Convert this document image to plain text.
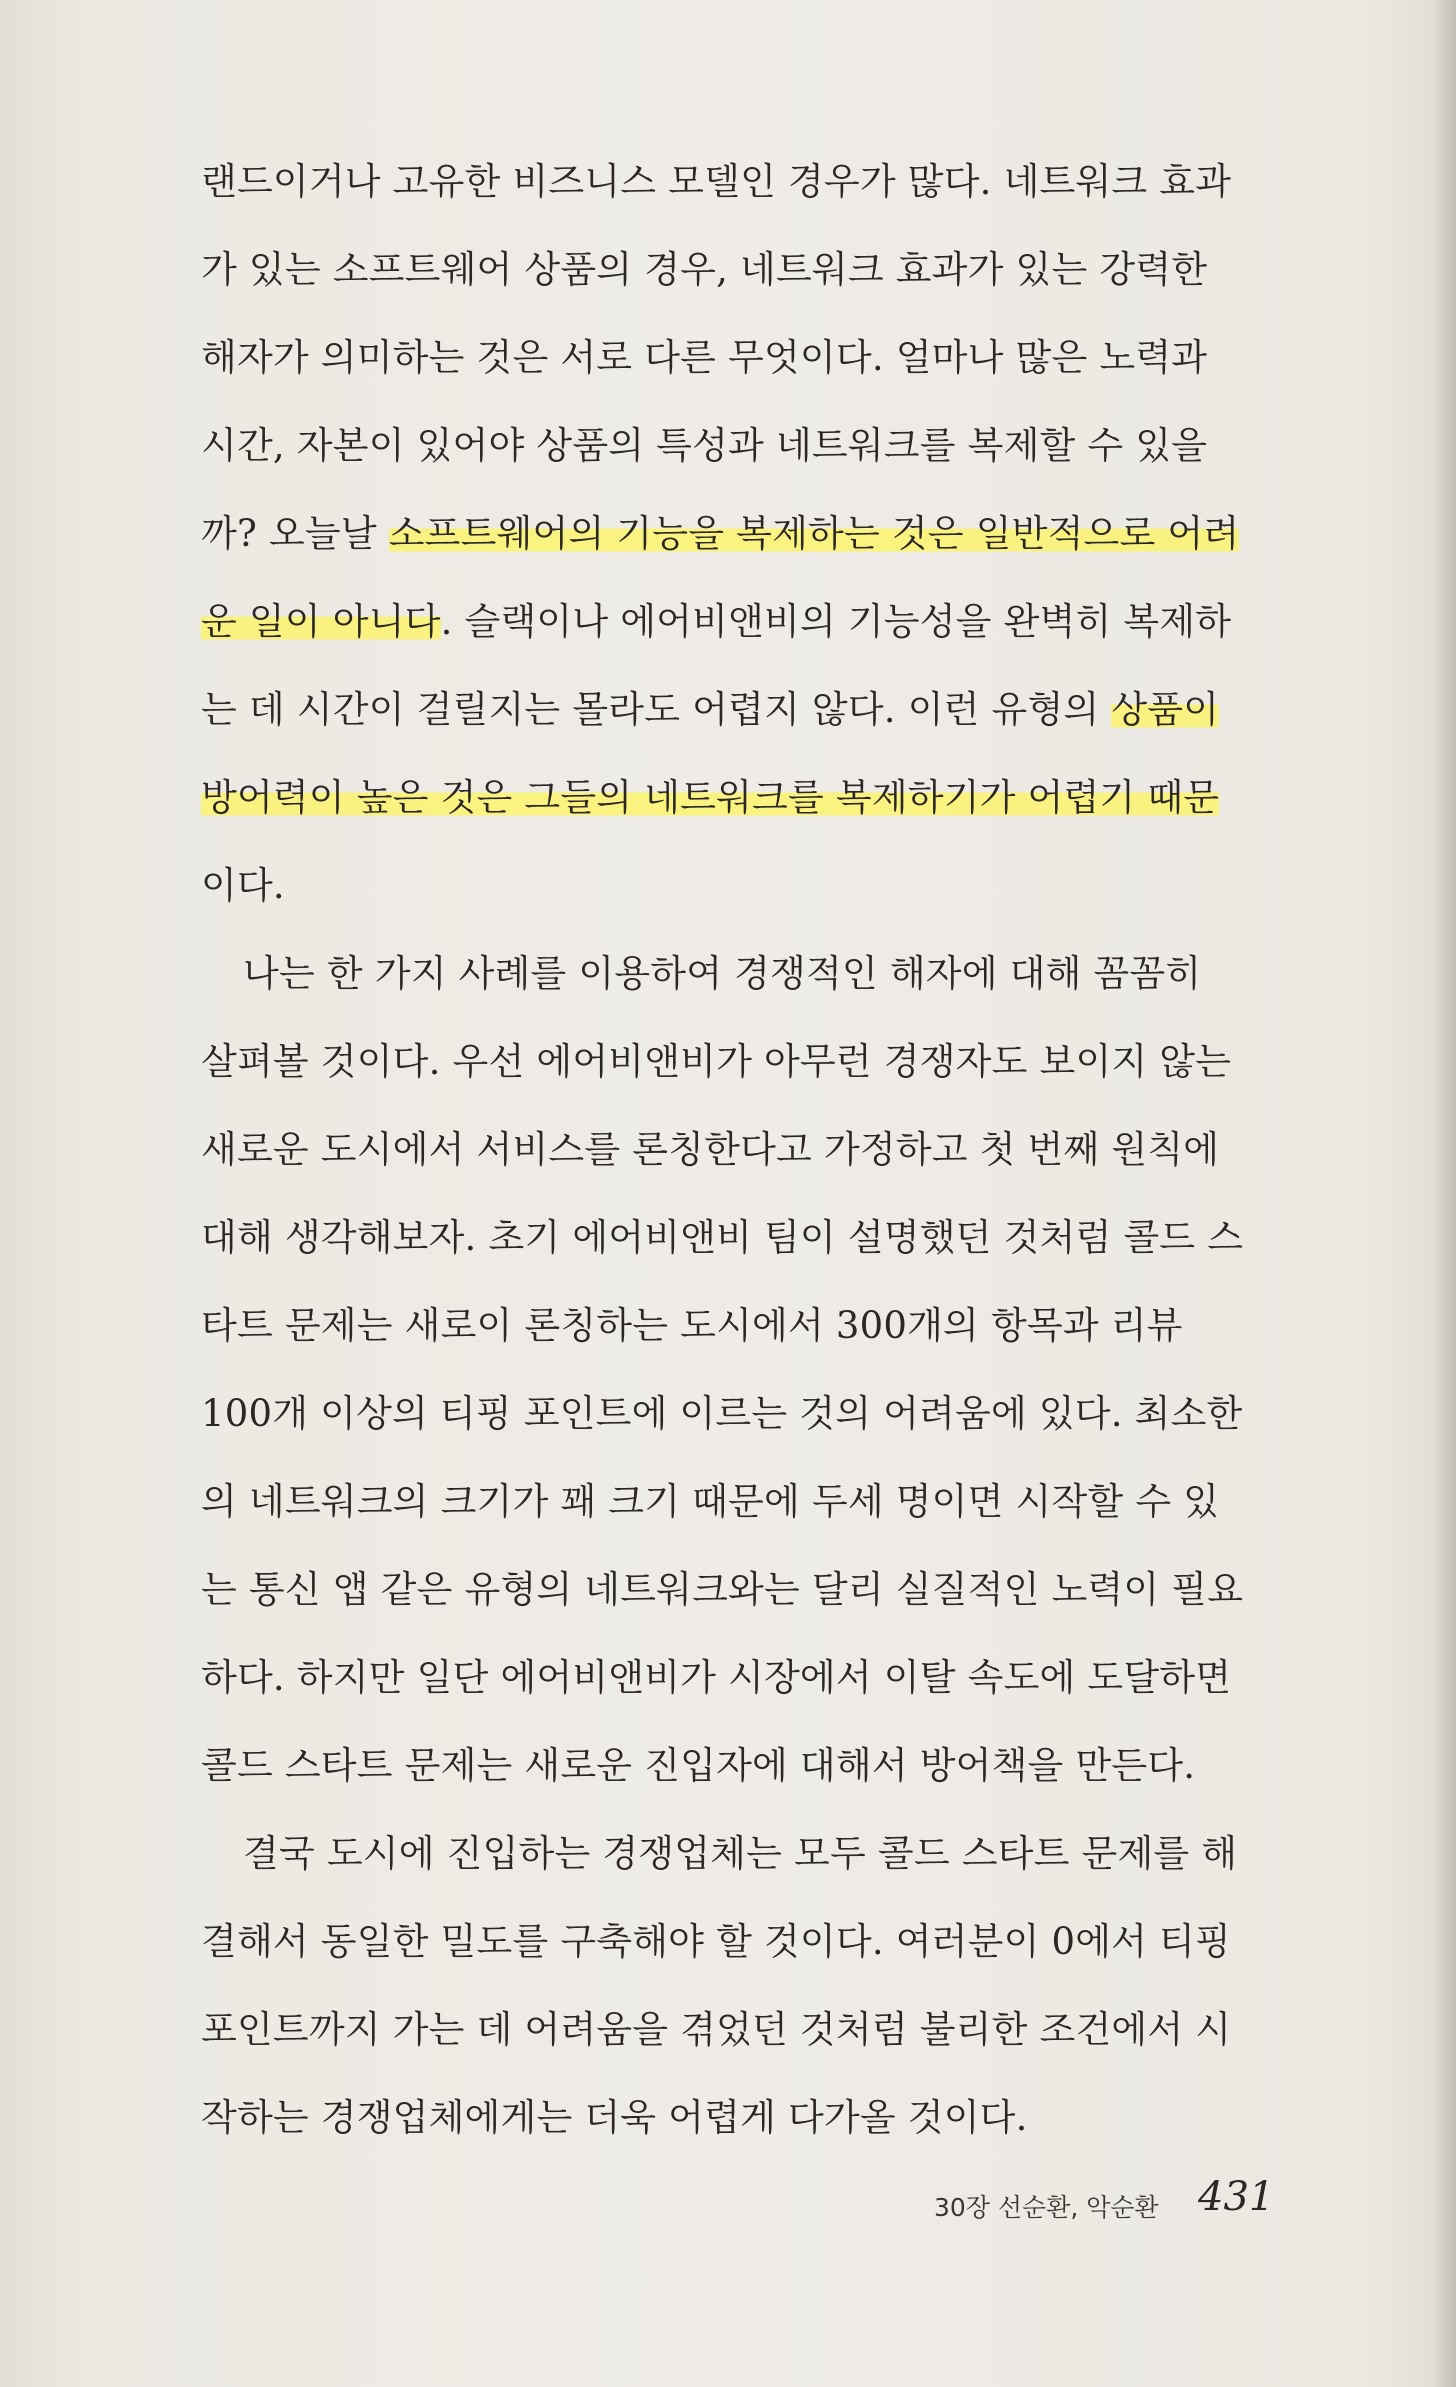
랜드이거나 고유한 비즈니스 모델인 경우가 많다. 네트워크 효과
가 있는 소프트웨어 상품의 경우, 네트워크 효과가 있는 강력한
해자가 의미하는 것은 서로 다른 무엇이다. 얼마나 많은 노력과
시간, 자본이 있어야 상품의 특성과 네트워크를 복제할 수 있을
까? 오늘날 소프트웨어의 기능을 복제하는 것은 일반적으로 어려
운 일이 아니다. 슬랙이나 에어비앤비의 기능성을 완벽히 복제하
는 데 시간이 걸릴지는 몰라도 어렵지 않다. 이런 유형의 상품이
방어력이 높은 것은 그들의 네트워크를 복제하기가 어렵기 때문
이다.
나는 한 가지 사례를 이용하여 경쟁적인 해자에 대해 꼼꼼히
살펴볼 것이다. 우선 에어비앤비가 아무런 경쟁자도 보이지 않는
새로운 도시에서 서비스를 론칭한다고 가정하고 첫 번째 원칙에
대해 생각해보자. 초기 에어비앤비 팀이 설명했던 것처럼 콜드 스
타트 문제는 새로이 론칭하는 도시에서 300개의 항목과 리뷰
100개 이상의 티핑 포인트에 이르는 것의 어려움에 있다. 최소한
의 네트워크의 크기가 꽤 크기 때문에 두세 명이면 시작할 수 있
는 통신 앱 같은 유형의 네트워크와는 달리 실질적인 노력이 필요
하다. 하지만 일단 에어비앤비가 시장에서 이탈 속도에 도달하면
콜드 스타트 문제는 새로운 진입자에 대해서 방어책을 만든다.
결국 도시에 진입하는 경쟁업체는 모두 콜드 스타트 문제를 해
결해서 동일한 밀도를 구축해야 할 것이다. 여러분이 0에서 티핑
포인트까지 가는 데 어려움을 겪었던 것처럼 불리한 조건에서 시
작하는 경쟁업체에게는 더욱 어렵게 다가올 것이다.
30장 선순환, 악순환 431
